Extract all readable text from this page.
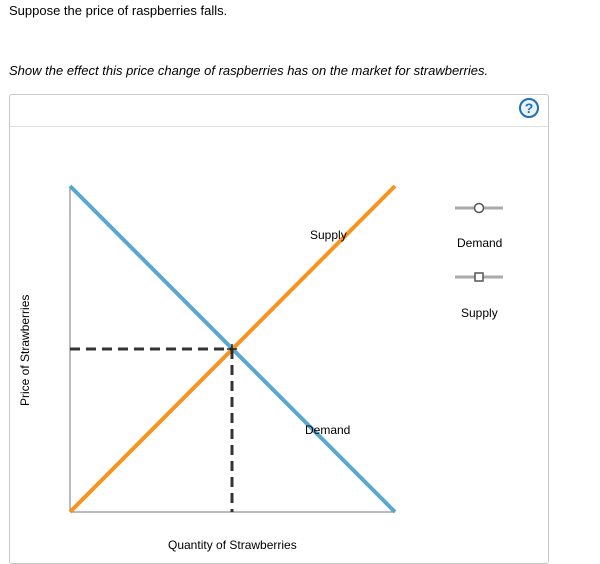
Suppose the price of raspberries falls.
Show the effect this price change of raspberries has on the market for strawberries.
?
Supply
Demand
Demand
Supply
Price of Strawberries
Quantity of Strawberries
